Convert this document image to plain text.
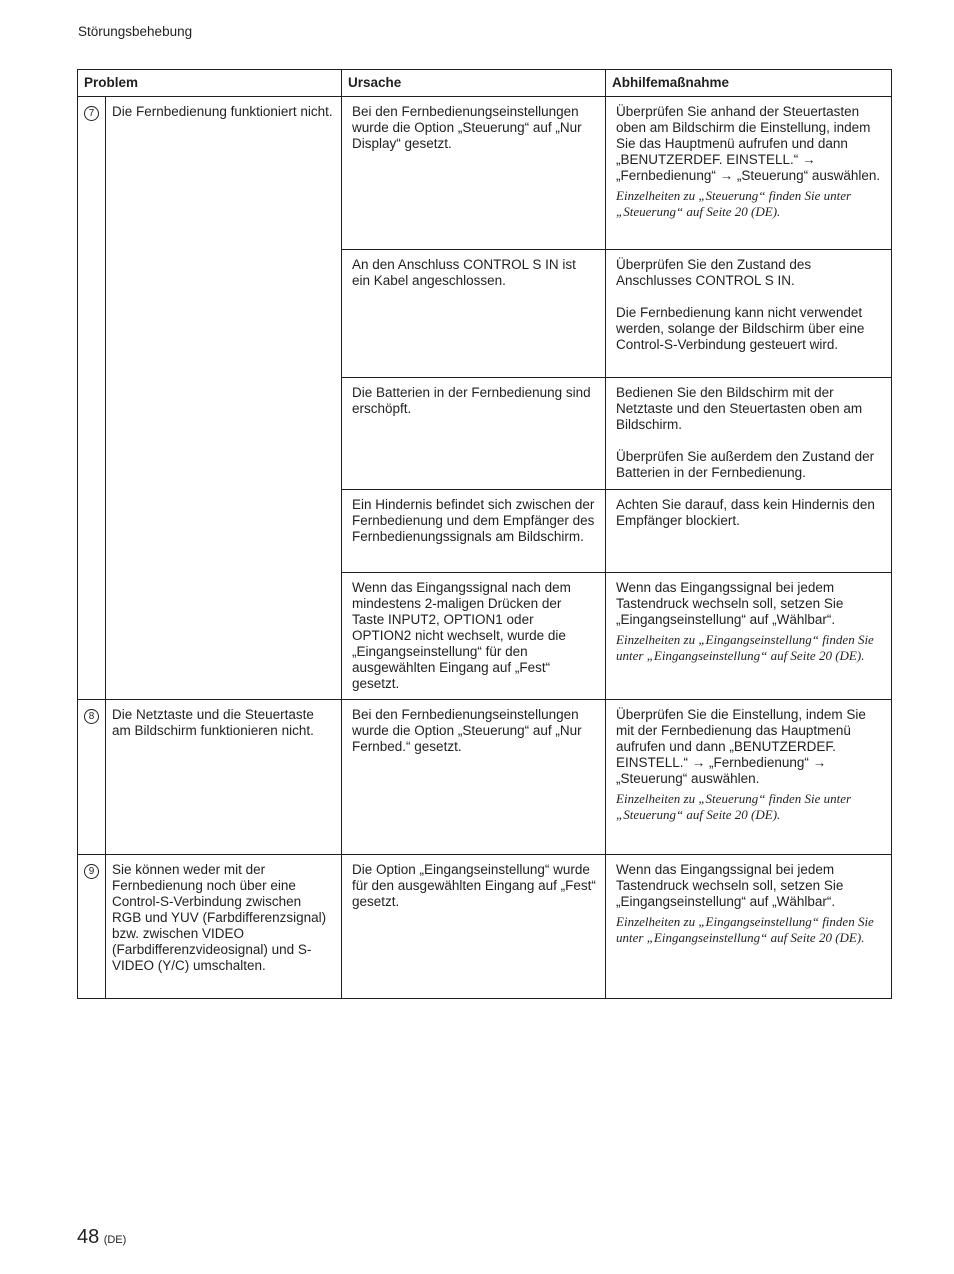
Störungsbehebung
Problem		Ursache	Abhilfemaßnahme
7	Die Fernbedienung funktioniert nicht.	Bei den Fernbedienungseinstellungen wurde die Option „Steuerung“ auf „Nur Display“ gesetzt.	Überprüfen Sie anhand der Steuertasten oben am Bildschirm die Einstellung, indem Sie das Hauptmenü aufrufen und dann „BENUTZERDEF. EINSTELL.“ → „Fernbedienung“ → „Steuerung“ auswählen.

Einzelheiten zu „Steuerung“ finden Sie unter „Steuerung“ auf Seite 20 (DE).

		An den Anschluss CONTROL S IN ist ein Kabel angeschlossen.	Überprüfen Sie den Zustand des Anschlusses CONTROL S IN.

Die Fernbedienung kann nicht verwendet werden, solange der Bildschirm über eine Control-S-Verbindung gesteuert wird.

		Die Batterien in der Fernbedienung sind erschöpft.	Bedienen Sie den Bildschirm mit der Netztaste und den Steuertasten oben am Bildschirm.

Überprüfen Sie außerdem den Zustand der Batterien in der Fernbedienung.

		Ein Hindernis befindet sich zwischen der Fernbedienung und dem Empfänger des Fernbedienungssignals am Bildschirm.	Achten Sie darauf, dass kein Hindernis den Empfänger blockiert.
		Wenn das Eingangssignal nach dem mindestens 2-maligen Drücken der Taste INPUT2, OPTION1 oder OPTION2 nicht wechselt, wurde die „Eingangseinstellung“ für den ausgewählten Eingang auf „Fest“ gesetzt.	Wenn das Eingangssignal bei jedem Tastendruck wechseln soll, setzen Sie „Eingangseinstellung“ auf „Wählbar“.

Einzelheiten zu „Eingangseinstellung“ finden Sie unter „Eingangseinstellung“ auf Seite 20 (DE).

8	Die Netztaste und die Steuertaste am Bildschirm funktionieren nicht.	Bei den Fernbedienungseinstellungen wurde die Option „Steuerung“ auf „Nur Fernbed.“ gesetzt.	Überprüfen Sie die Einstellung, indem Sie mit der Fernbedienung das Hauptmenü aufrufen und dann „BENUTZERDEF. EINSTELL.“ → „Fernbedienung“ → „Steuerung“ auswählen.

Einzelheiten zu „Steuerung“ finden Sie unter „Steuerung“ auf Seite 20 (DE).

9	Sie können weder mit der Fernbedienung noch über eine Control-S-Verbindung zwischen RGB und YUV (Farbdifferenzsignal) bzw. zwischen VIDEO (Farbdifferenzvideosignal) und S-VIDEO (Y/C) umschalten.	Die Option „Eingangseinstellung“ wurde für den ausgewählten Eingang auf „Fest“ gesetzt.	Wenn das Eingangssignal bei jedem Tastendruck wechseln soll, setzen Sie „Eingangseinstellung“ auf „Wählbar“.

Einzelheiten zu „Eingangseinstellung“ finden Sie unter „Eingangseinstellung“ auf Seite 20 (DE).

48 (DE)
